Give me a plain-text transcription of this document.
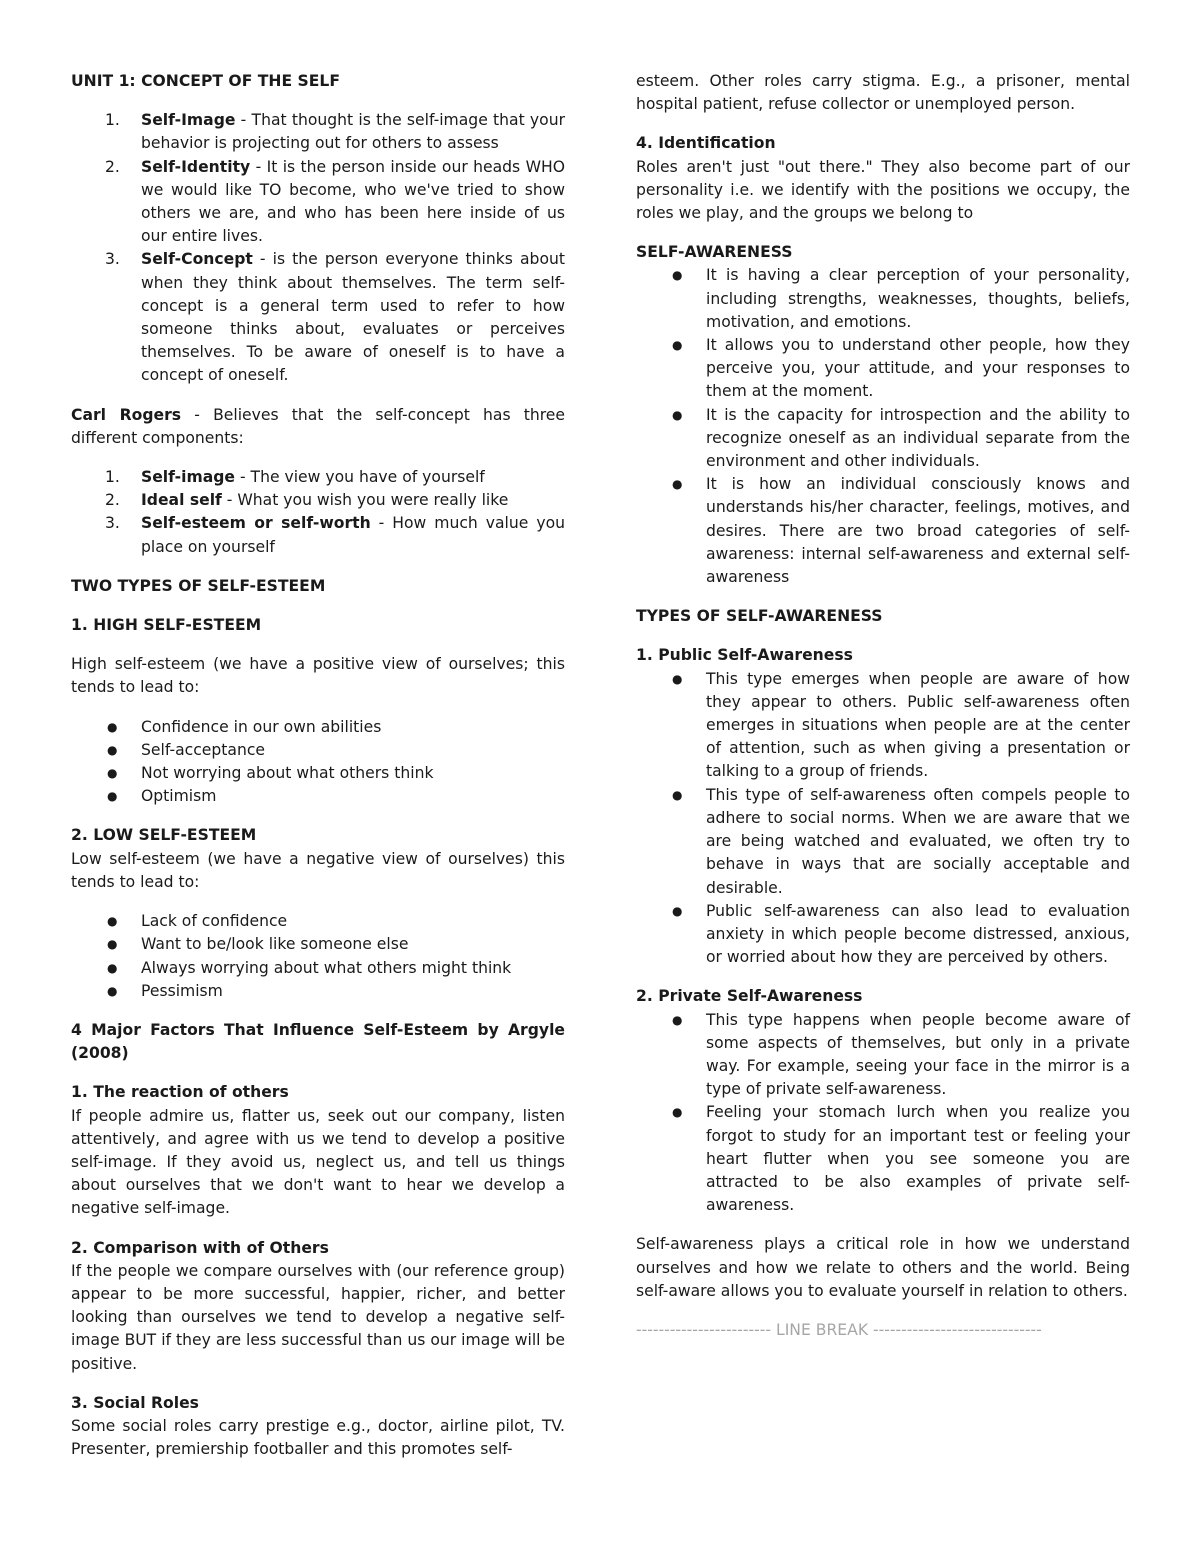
UNIT 1: CONCEPT OF THE SELF

1. Self-Image - That thought is the self-image that your behavior is projecting out for others to assess
2. Self-Identity - It is the person inside our heads WHO we would like TO become, who we've tried to show others we are, and who has been here inside of us our entire lives.
3. Self-Concept - is the person everyone thinks about when they think about themselves. The term self-concept is a general term used to refer to how someone thinks about, evaluates or perceives themselves. To be aware of oneself is to have a concept of oneself.

Carl Rogers - Believes that the self-concept has three different components:

1. Self-image - The view you have of yourself
2. Ideal self - What you wish you were really like
3. Self-esteem or self-worth - How much value you place on yourself

TWO TYPES OF SELF-ESTEEM

1. HIGH SELF-ESTEEM

High self-esteem (we have a positive view of ourselves; this tends to lead to:

● Confidence in our own abilities
● Self-acceptance
● Not worrying about what others think
● Optimism

2. LOW SELF-ESTEEM

Low self-esteem (we have a negative view of ourselves) this tends to lead to:

● Lack of confidence
● Want to be/look like someone else
● Always worrying about what others might think
● Pessimism

4 Major Factors That Influence Self-Esteem by Argyle (2008)

1. The reaction of others

If people admire us, flatter us, seek out our company, listen attentively, and agree with us we tend to develop a positive self-image. If they avoid us, neglect us, and tell us things about ourselves that we don't want to hear we develop a negative self-image.

2. Comparison with of Others

If the people we compare ourselves with (our reference group) appear to be more successful, happier, richer, and better looking than ourselves we tend to develop a negative self-image BUT if they are less successful than us our image will be positive.

3. Social Roles

Some social roles carry prestige e.g., doctor, airline pilot, TV. Presenter, premiership footballer and this promotes self-

esteem. Other roles carry stigma. E.g., a prisoner, mental hospital patient, refuse collector or unemployed person.

4. Identification

Roles aren't just "out there." They also become part of our personality i.e. we identify with the positions we occupy, the roles we play, and the groups we belong to

SELF-AWARENESS

● It is having a clear perception of your personality, including strengths, weaknesses, thoughts, beliefs, motivation, and emotions.
● It allows you to understand other people, how they perceive you, your attitude, and your responses to them at the moment.
● It is the capacity for introspection and the ability to recognize oneself as an individual separate from the environment and other individuals.
● It is how an individual consciously knows and understands his/her character, feelings, motives, and desires. There are two broad categories of self-awareness: internal self-awareness and external self-awareness

TYPES OF SELF-AWARENESS

1. Public Self-Awareness

● This type emerges when people are aware of how they appear to others. Public self-awareness often emerges in situations when people are at the center of attention, such as when giving a presentation or talking to a group of friends.
● This type of self-awareness often compels people to adhere to social norms. When we are aware that we are being watched and evaluated, we often try to behave in ways that are socially acceptable and desirable.
● Public self-awareness can also lead to evaluation anxiety in which people become distressed, anxious, or worried about how they are perceived by others.

2. Private Self-Awareness

● This type happens when people become aware of some aspects of themselves, but only in a private way. For example, seeing your face in the mirror is a type of private self-awareness.
● Feeling your stomach lurch when you realize you forgot to study for an important test or feeling your heart flutter when you see someone you are attracted to be also examples of private self-awareness.

Self-awareness plays a critical role in how we understand ourselves and how we relate to others and the world. Being self-aware allows you to evaluate yourself in relation to others.

------------------------ LINE BREAK ------------------------------
